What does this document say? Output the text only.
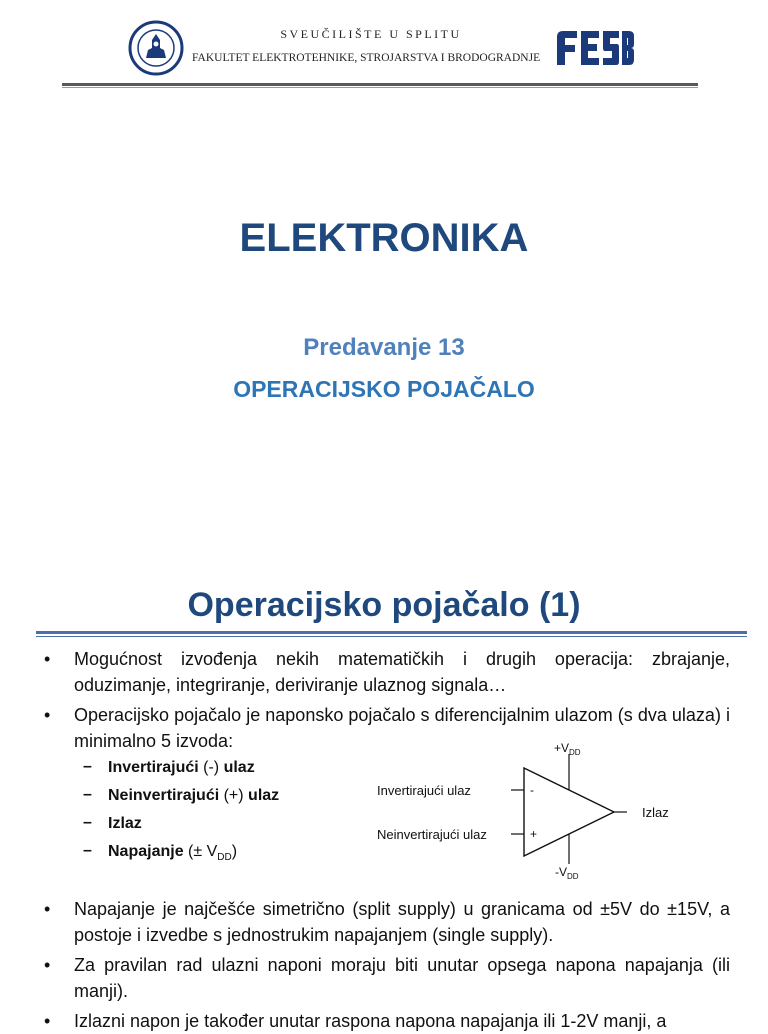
SVEUČILIŠTE U SPLITU
FAKULTET ELEKTROTEHNIKE, STROJARSTVA I BRODOGRADNJE
ELEKTRONIKA
Predavanje 13
OPERACIJSKO POJAČALO
Operacijsko pojačalo (1)
• Mogućnost izvođenja nekih matematičkih i drugih operacija: zbrajanje, oduzimanje, integriranje, deriviranje ulaznog signala…
• Operacijsko pojačalo je naponsko pojačalo s diferencijalnim ulazom (s dva ulaza) i minimalno 5 izvoda:
– Invertirajući (-) ulaz
– Neinvertirajući (+) ulaz
– Izlaz
– Napajanje (± $V_{DD}$)
-
+
$+V_{DD}$
$-V_{DD}$
Invertirajući ulaz
Neinvertirajući ulaz
Izlaz
• Napajanje je najčešće simetrično (split supply) u granicama od ±5V do ±15V, a postoje i izvedbe s jednostrukim napajanjem (single supply).
• Za pravilan rad ulazni naponi moraju biti unutar opsega napona napajanja (ili manji).
• Izlazni napon je također unutar raspona napona napajanja ili 1-2V manji, a
